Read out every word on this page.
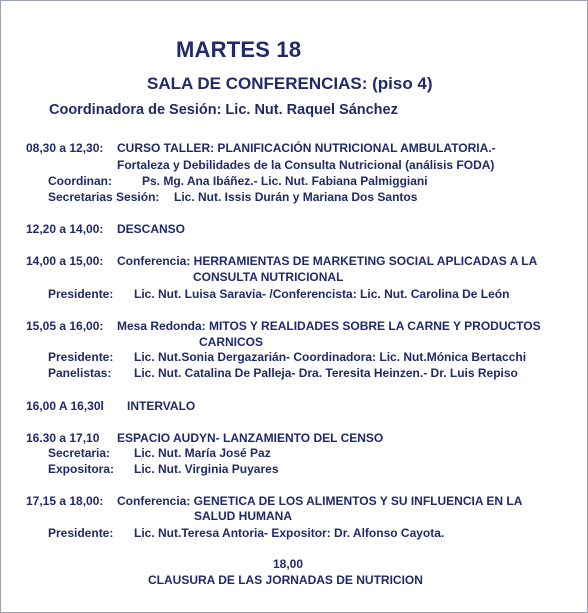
MARTES 18
SALA DE CONFERENCIAS: (piso 4)
Coordinadora de Sesión: Lic. Nut. Raquel Sánchez
08,30 a 12,30: CURSO TALLER: PLANIFICACIÓN NUTRICIONAL AMBULATORIA.-
Fortaleza y Debilidades de la Consulta Nutricional (análisis FODA)
Coordinan:	Ps. Mg. Ana Ibáñez.- Lic. Nut. Fabiana Palmiggiani
Secretarias Sesión: Lic. Nut. Issis Durán y Mariana Dos Santos
12,20 a 14,00: DESCANSO
14,00 a 15,00: Conferencia: HERRAMIENTAS DE MARKETING SOCIAL APLICADAS A LA
CONSULTA NUTRICIONAL
Presidente: Lic. Nut. Luisa Saravia- /Conferencista: Lic. Nut. Carolina De León
15,05 a 16,00: Mesa Redonda: MITOS Y REALIDADES SOBRE LA CARNE Y PRODUCTOS
CARNICOS
Presidente: Lic. Nut.Sonia Dergazarián- Coordinadora: Lic. Nut.Mónica Bertacchi
Panelistas: Lic. Nut. Catalina De Palleja- Dra. Teresita Heinzen.- Dr. Luis Repiso
16,00 A 16,30l INTERVALO
16.30 a 17,10 ESPACIO AUDYN- LANZAMIENTO DEL CENSO
Secretaria: Lic. Nut. María José Paz
Expositora: Lic. Nut. Virginia Puyares
17,15 a 18,00: Conferencia: GENETICA DE LOS ALIMENTOS Y SU INFLUENCIA EN LA
SALUD HUMANA
Presidente: Lic. Nut.Teresa Antoria- Expositor: Dr. Alfonso Cayota.
18,00
CLAUSURA DE LAS JORNADAS DE NUTRICION
